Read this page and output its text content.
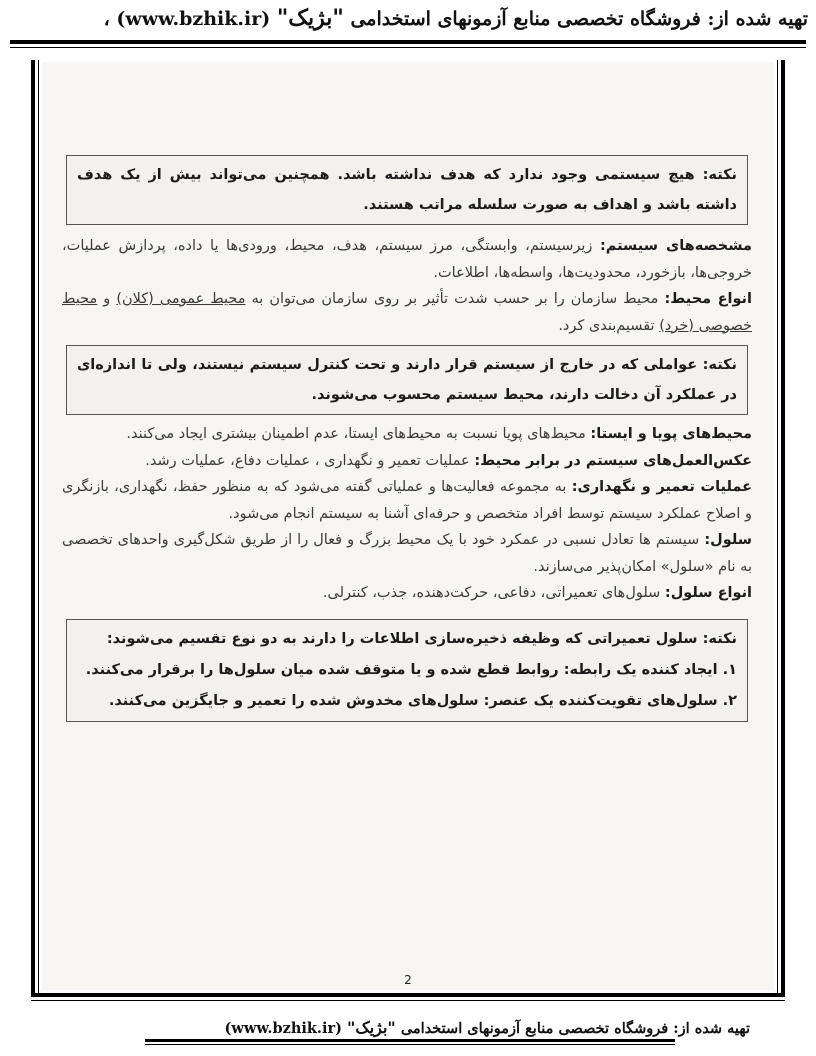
تهیه شده از: فروشگاه تخصصی منابع آزمونهای استخدامی "بژیک" (www.bzhik.ir) ،
نکته: هیچ سیستمی وجود ندارد که هدف نداشته باشد. همچنین می‌تواند بیش از یک هدف داشته باشد و اهداف به صورت سلسله مراتب هستند.

مشخصه‌های سیستم: زیرسیستم، وابستگی، مرز سیستم، هدف، محیط، ورودی‌ها یا داده، پردازش عملیات، خروجی‌ها، بازخورد، محدودیت‌ها، واسطه‌ها، اطلاعات.

انواع محیط: محیط سازمان را بر حسب شدت تأثیر بر روی سازمان می‌توان به محیط عمومی (کلان) و محیط خصوصی (خرد) تقسیم‌بندی کرد.

نکته: عواملی که در خارج از سیستم قرار دارند و تحت کنترل سیستم نیستند، ولی تا اندازه‌ای در عملکرد آن دخالت دارند، محیط سیستم محسوب می‌شوند.

محیط‌های پویا و ایستا: محیط‌های پویا نسبت به محیط‌های ایستا، عدم اطمینان بیشتری ایجاد می‌کنند.

عکس‌العمل‌های سیستم در برابر محیط: عملیات تعمیر و نگهداری ، عملیات دفاع، عملیات رشد.

عملیات تعمیر و نگهداری: به مجموعه فعالیت‌ها و عملیاتی گفته می‌شود که به منظور حفظ، نگهداری، بازنگری و اصلاح عملکرد سیستم توسط افراد متخصص و حرفه‌ای آشنا به سیستم انجام می‌شود.

سلول: سیستم ها تعادل نسبی در عمکرد خود با یک محیط بزرگ و فعال را از طریق شکل‌گیری واحدهای تخصصی به نام «سلول» امکان‌پذیر می‌سازند.

انواع سلول: سلول‌های تعمیراتی، دفاعی، حرکت‌دهنده، جذب، کنترلی.

نکته: سلول تعمیراتی که وظیفه ذخیره‌سازی اطلاعات را دارند به دو نوع تقسیم می‌شوند:
۱. ایجاد کننده یک رابطه: روابط قطع شده و یا متوقف شده میان سلول‌ها را برقرار می‌کنند.
۲. سلول‌های تقویت‌کننده یک عنصر: سلول‌های مخدوش شده را تعمیر و جایگزین می‌کنند.
2
تهیه شده از: فروشگاه تخصصی منابع آزمونهای استخدامی "بژیک" (www.bzhik.ir)
